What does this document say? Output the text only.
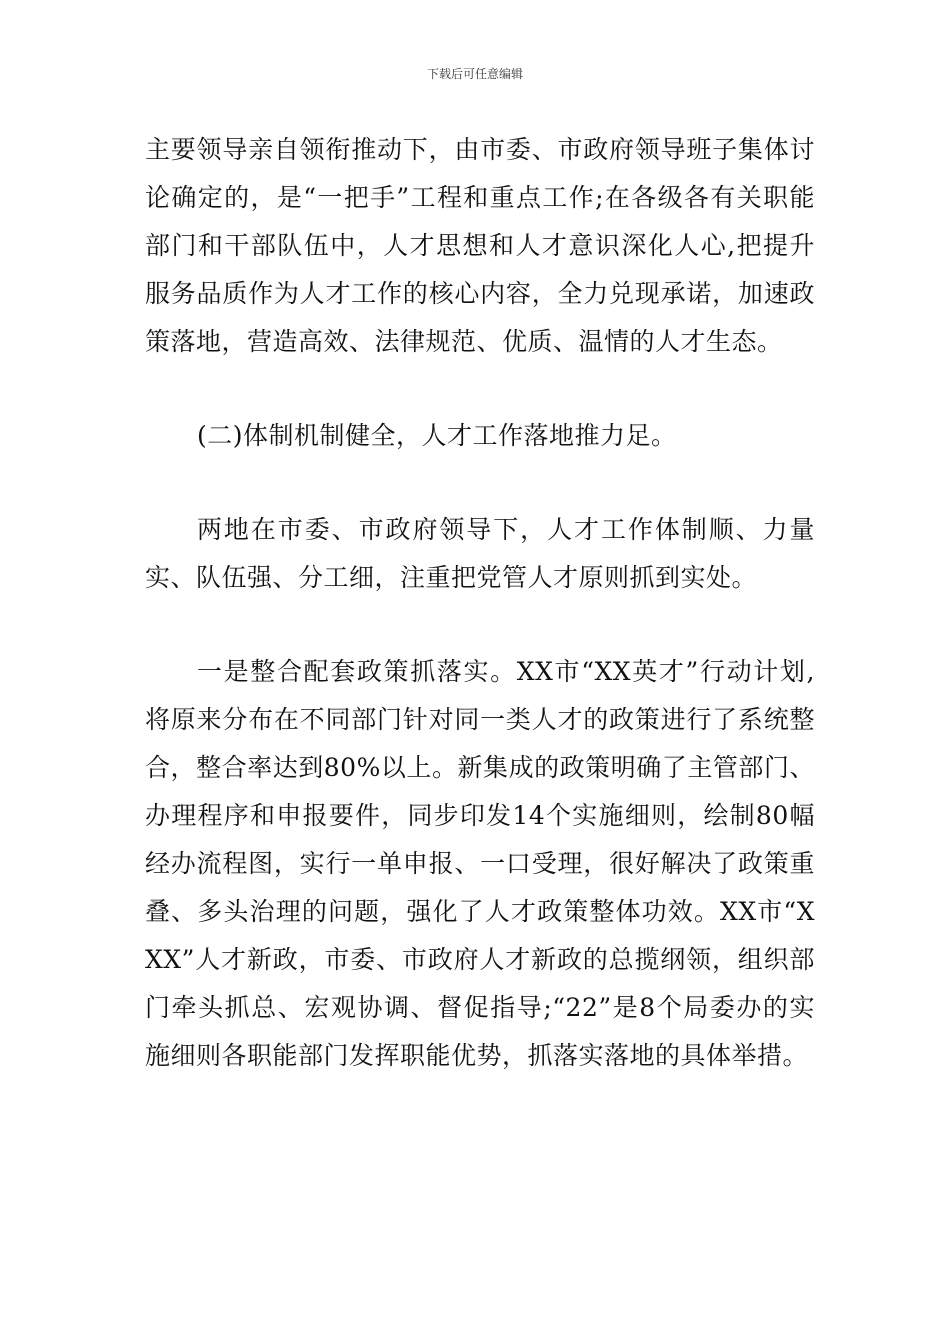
下载后可任意编辑

主要领导亲自领衔推动下，由市委、市政府领导班子集体讨论确定的，是“一把手”工程和重点工作;在各级各有关职能部门和干部队伍中，人才思想和人才意识深化人心,把提升服务品质作为人才工作的核心内容，全力兑现承诺，加速政策落地，营造高效、法律规范、优质、温情的人才生态。

(二)体制机制健全，人才工作落地推力足。

两地在市委、市政府领导下，人才工作体制顺、力量实、队伍强、分工细，注重把党管人才原则抓到实处。

一是整合配套政策抓落实。XX市“XX英才”行动计划,将原来分布在不同部门针对同一类人才的政策进行了系统整合，整合率达到80%以上。新集成的政策明确了主管部门、办理程序和申报要件，同步印发14个实施细则，绘制80幅经办流程图，实行一单申报、一口受理，很好解决了政策重叠、多头治理的问题，强化了人才政策整体功效。XX市“XXX”人才新政，市委、市政府人才新政的总揽纲领，组织部门牵头抓总、宏观协调、督促指导;“22”是8个局委办的实施细则各职能部门发挥职能优势，抓落实落地的具体举措。
